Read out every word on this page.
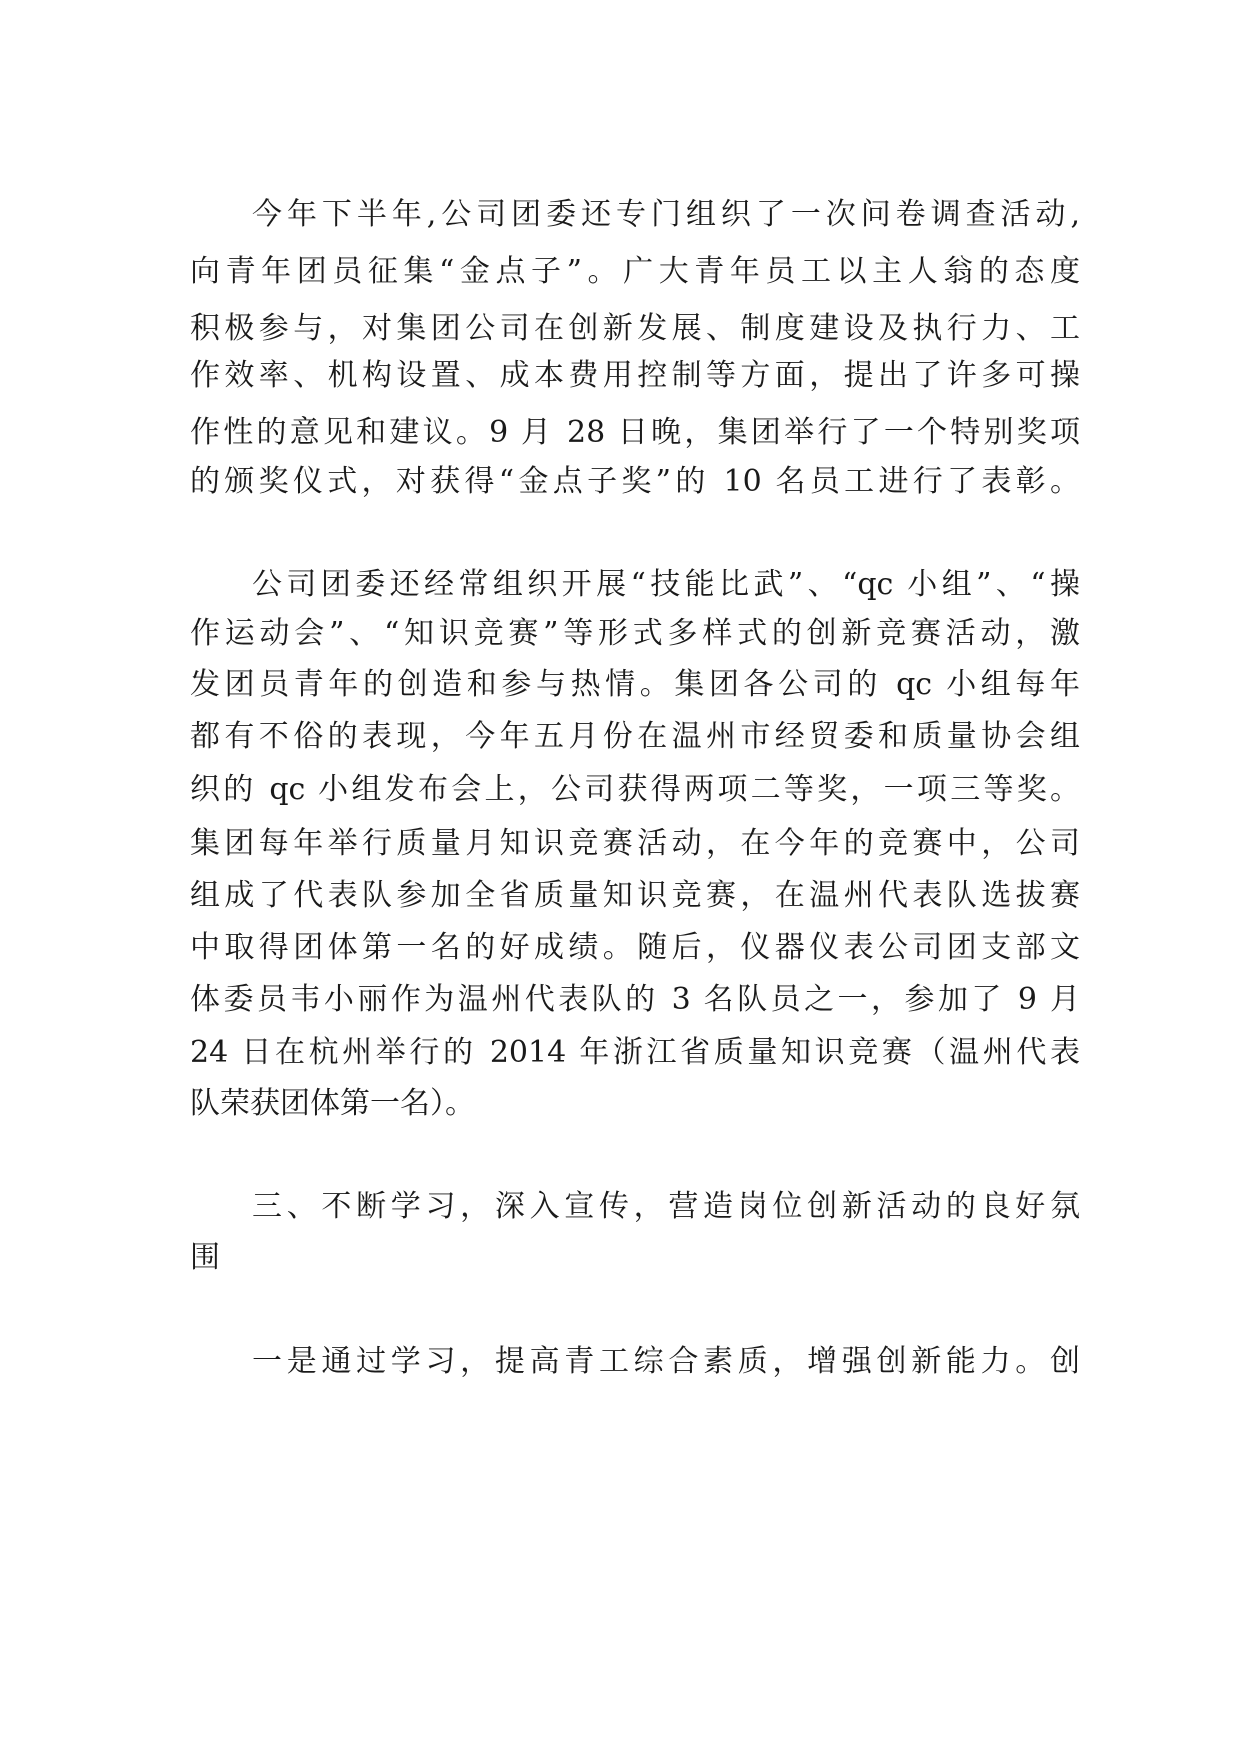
今年下半年,公司团委还专门组织了一次问卷调查活动,
向青年团员征集“金点子”。广大青年员工以主人翁的态度
积极参与，对集团公司在创新发展、制度建设及执行力、工
作效率、机构设置、成本费用控制等方面，提出了许多可操
作性的意见和建议。9 月 28 日晚，集团举行了一个特别奖项
的颁奖仪式，对获得“金点子奖”的 10 名员工进行了表彰。
公司团委还经常组织开展“技能比武”、“qc 小组”、“操
作运动会”、“知识竞赛”等形式多样式的创新竞赛活动，激
发团员青年的创造和参与热情。集团各公司的 qc 小组每年
都有不俗的表现，今年五月份在温州市经贸委和质量协会组
织的 qc 小组发布会上，公司获得两项二等奖，一项三等奖。
集团每年举行质量月知识竞赛活动，在今年的竞赛中，公司
组成了代表队参加全省质量知识竞赛，在温州代表队选拔赛
中取得团体第一名的好成绩。随后，仪器仪表公司团支部文
体委员韦小丽作为温州代表队的 3 名队员之一，参加了 9 月
24 日在杭州举行的 2014 年浙江省质量知识竞赛（温州代表
队荣获团体第一名）。
三、不断学习，深入宣传，营造岗位创新活动的良好氛
围
一是通过学习，提高青工综合素质，增强创新能力。创
